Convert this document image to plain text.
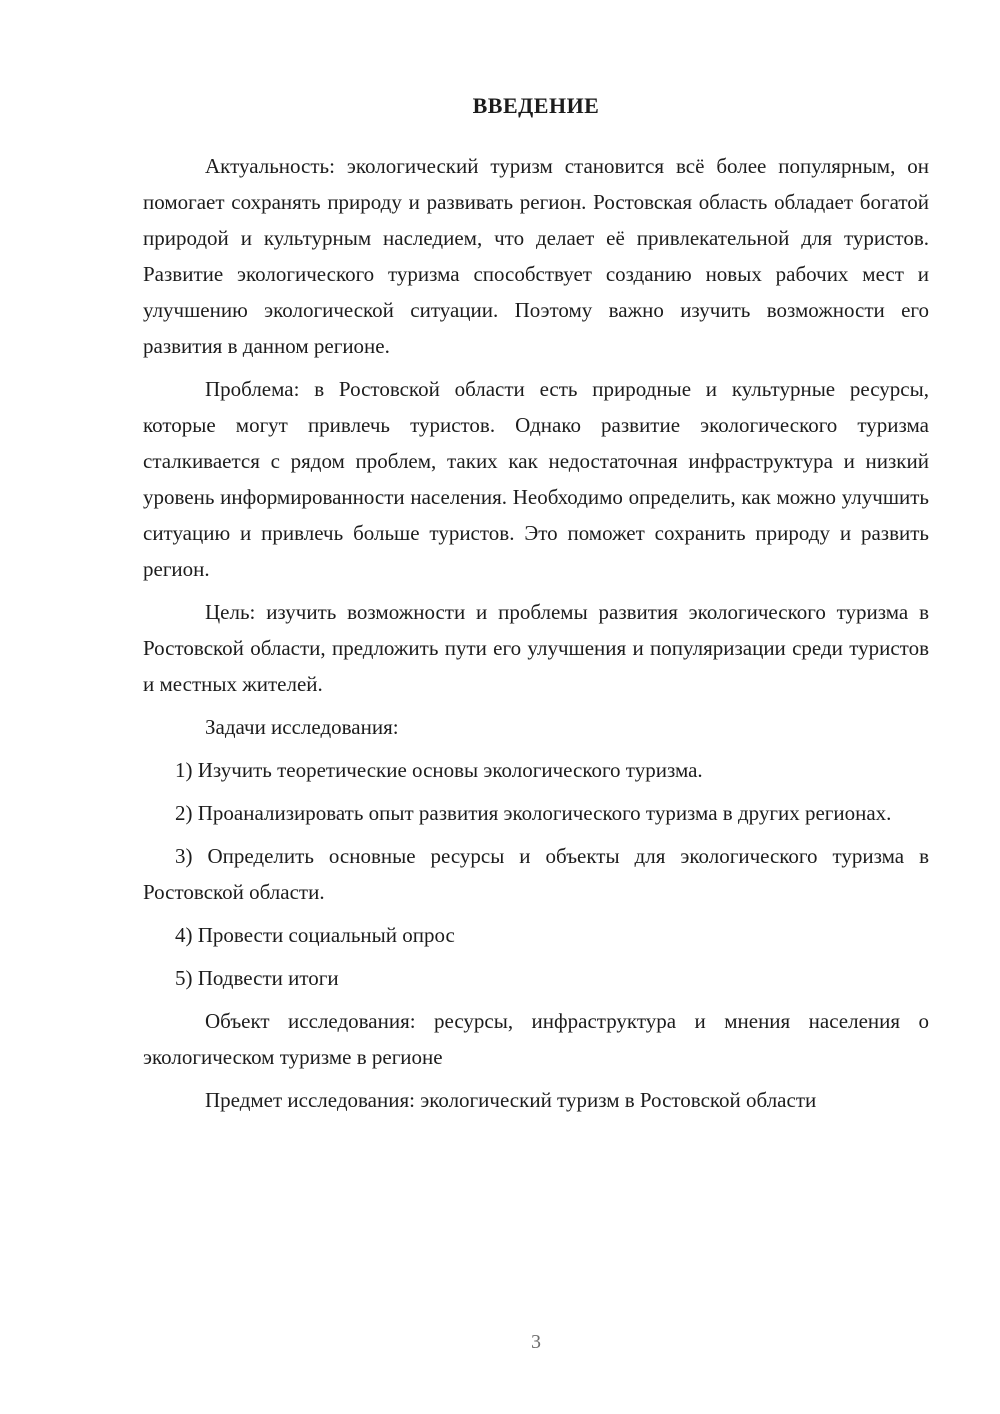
ВВЕДЕНИЕ

Актуальность: экологический туризм становится всё более популярным, он помогает сохранять природу и развивать регион. Ростовская область обладает богатой природой и культурным наследием, что делает её привлекательной для туристов. Развитие экологического туризма способствует созданию новых рабочих мест и улучшению экологической ситуации. Поэтому важно изучить возможности его развития в данном регионе.

Проблема: в Ростовской области есть природные и культурные ресурсы, которые могут привлечь туристов. Однако развитие экологического туризма сталкивается с рядом проблем, таких как недостаточная инфраструктура и низкий уровень информированности населения. Необходимо определить, как можно улучшить ситуацию и привлечь больше туристов. Это поможет сохранить природу и развить регион.

Цель: изучить возможности и проблемы развития экологического туризма в Ростовской области, предложить пути его улучшения и популяризации среди туристов и местных жителей.

Задачи исследования:

1) Изучить теоретические основы экологического туризма.

2) Проанализировать опыт развития экологического туризма в других регионах.

3) Определить основные ресурсы и объекты для экологического туризма в Ростовской области.

4) Провести социальный опрос

5) Подвести итоги

Объект исследования: ресурсы, инфраструктура и мнения населения о экологическом туризме в регионе

Предмет исследования: экологический туризм в Ростовской области

3
